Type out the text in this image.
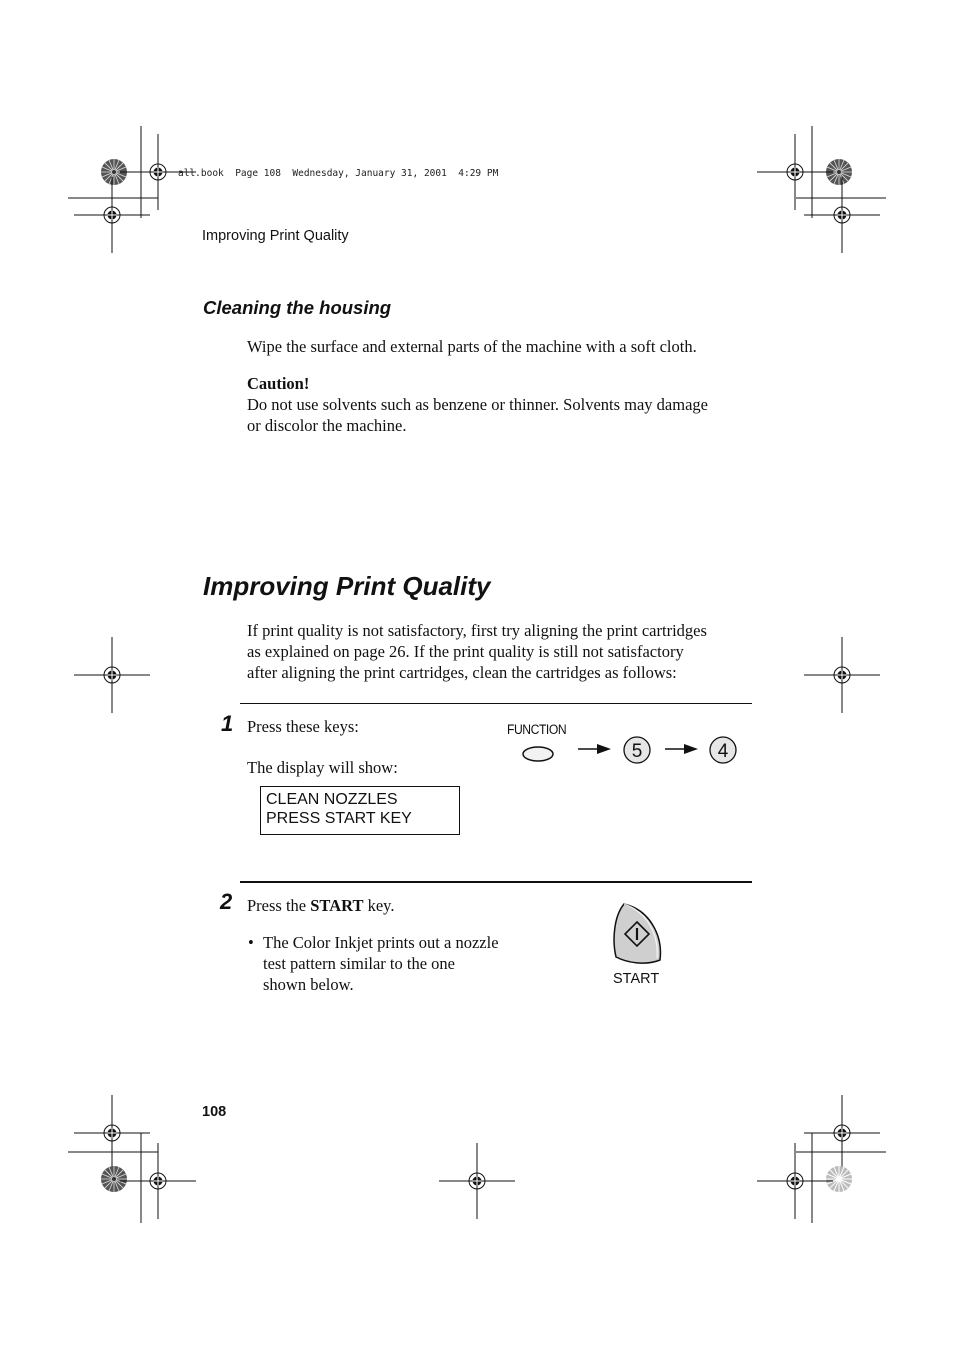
all.book  Page 108  Wednesday, January 31, 2001  4:29 PM
Improving Print Quality
Cleaning the housing
Wipe the surface and external parts of the machine with a soft cloth.
Caution!
Do not use solvents such as benzene or thinner. Solvents may damage
or discolor the machine.
Improving Print Quality
If print quality is not satisfactory, first try aligning the print cartridges
as explained on page 26. If the print quality is still not satisfactory
after aligning the print cartridges, clean the cartridges as follows:
1 Press these keys:
The display will show:
CLEAN NOZZLES
PRESS START KEY
FUNCTION
5	4
2 Press the START key.
• The Color Inkjet prints out a nozzle
test pattern similar to the one
shown below.	START
108
